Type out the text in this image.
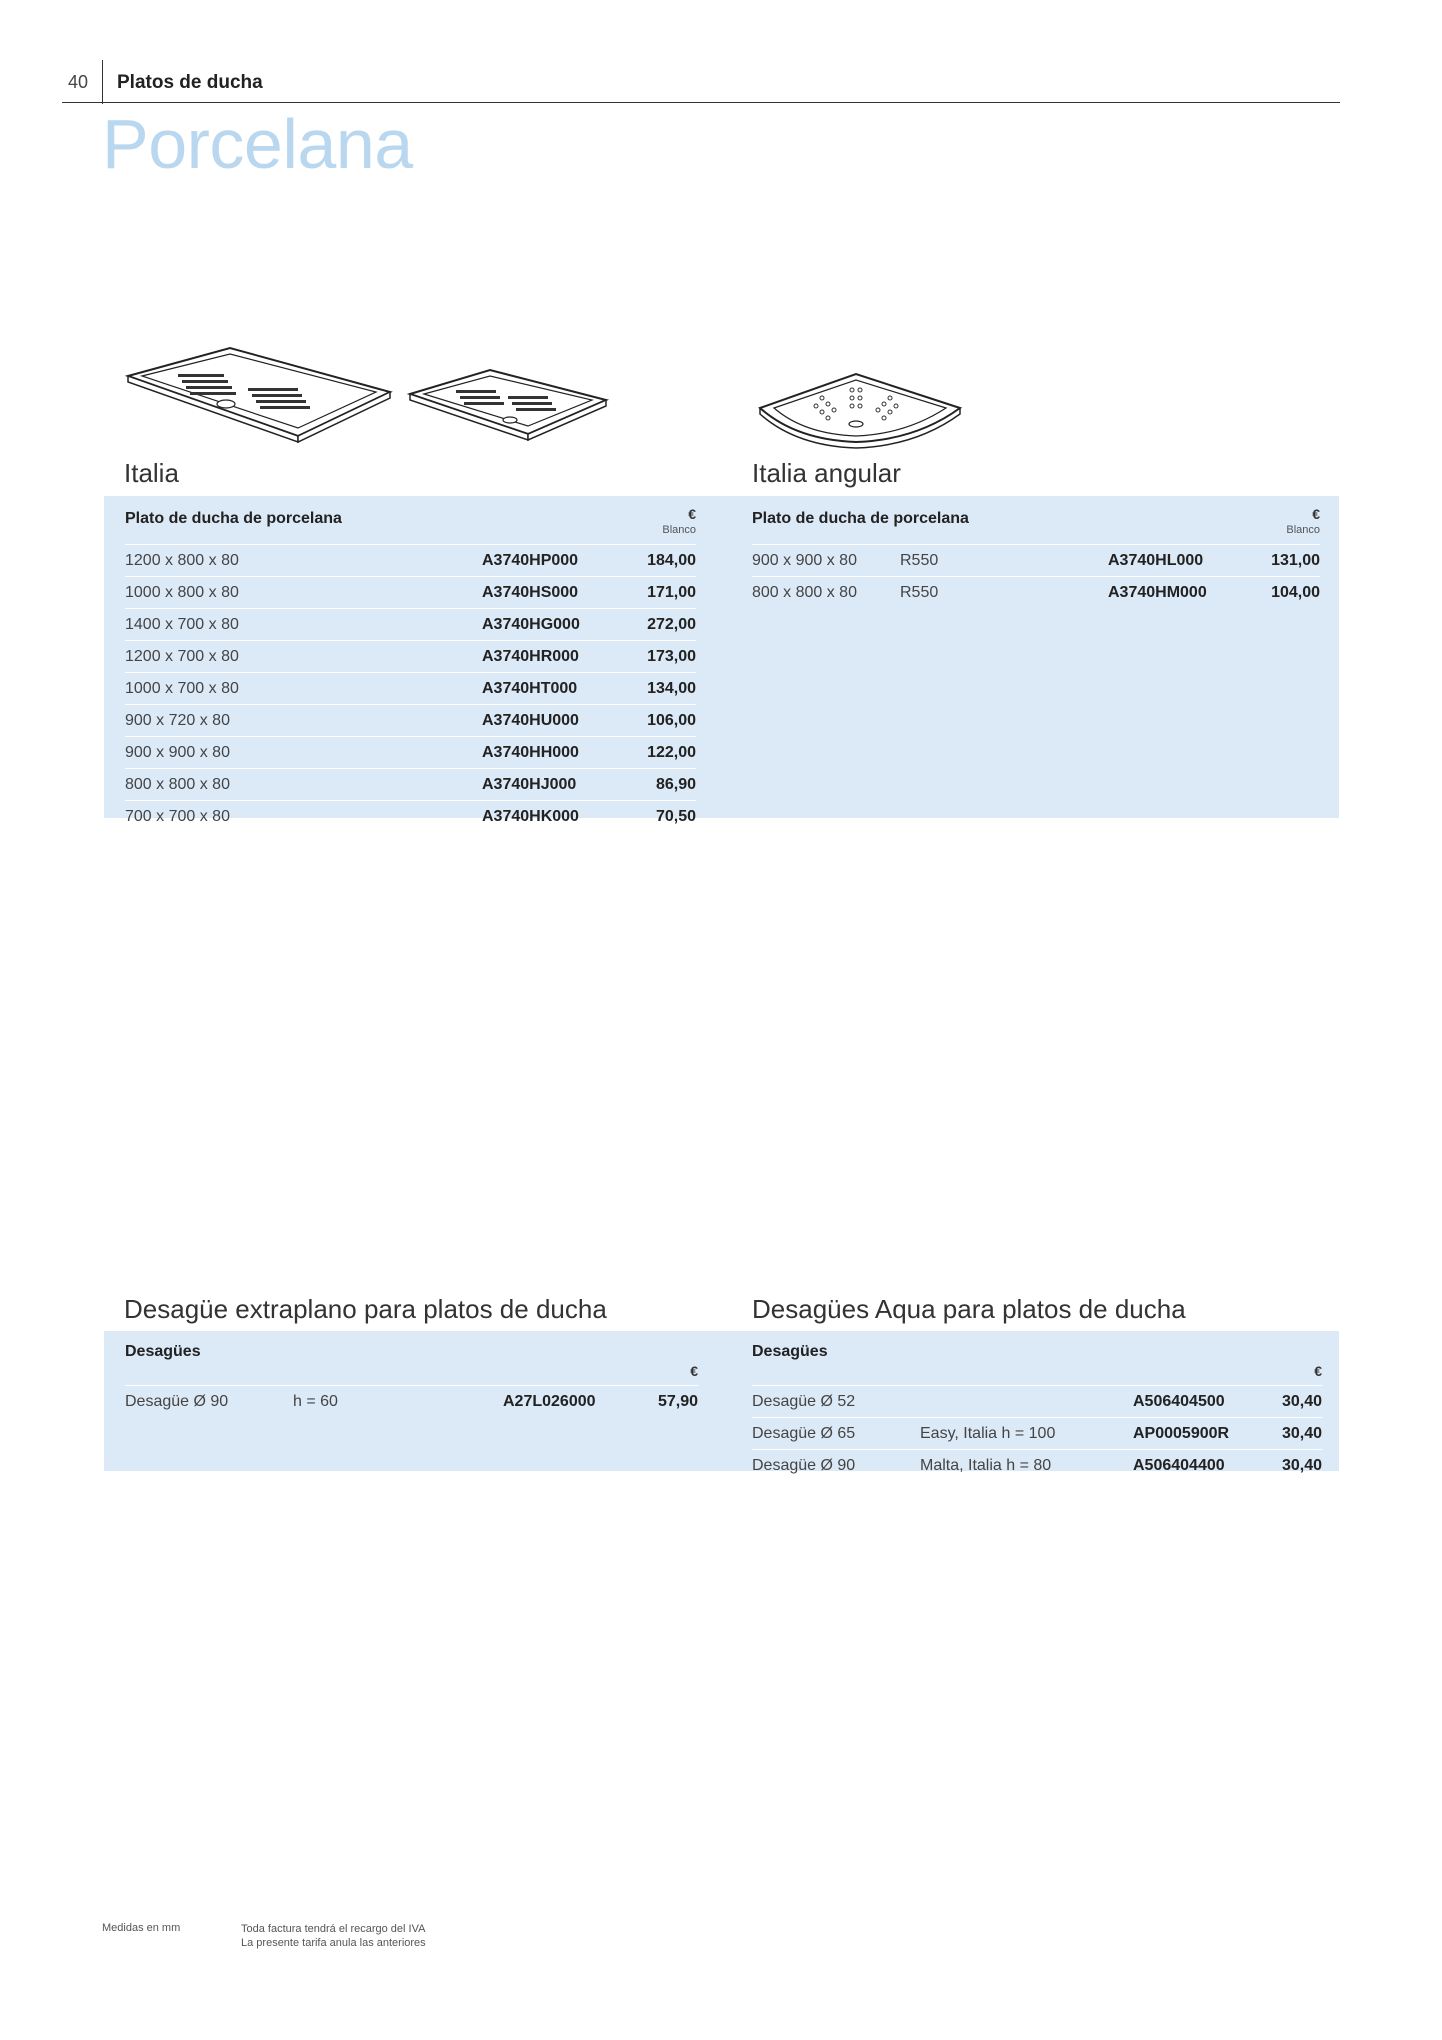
40 Platos de ducha
Porcelana
Italia
Plato de ducha de porcelana	€
Blanco
1200 x 800 x 80	A3740HP000	184,00
1000 x 800 x 80	A3740HS000	171,00
1400 x 700 x 80	A3740HG000	272,00
1200 x 700 x 80	A3740HR000	173,00
1000 x 700 x 80	A3740HT000	134,00
900 x 720 x 80	A3740HU000	106,00
900 x 900 x 80	A3740HH000	122,00
800 x 800 x 80	A3740HJ000	86,90
700 x 700 x 80	A3740HK000	70,50
Italia angular
Plato de ducha de porcelana	€
Blanco
900 x 900 x 80	R550	A3740HL000	131,00
800 x 800 x 80	R550	A3740HM000	104,00
Desagüe extraplano para platos de ducha
Desagües
€
Desagüe Ø 90	h = 60	A27L026000	57,90
Desagües Aqua para platos de ducha
Desagües
€
Desagüe Ø 52		A506404500	30,40
Desagüe Ø 65	Easy, Italia h = 100	AP0005900R	30,40
Desagüe Ø 90	Malta, Italia h = 80	A506404400	30,40
Medidas en mm	Toda factura tendrá el recargo del IVA
La presente tarifa anula las anteriores
